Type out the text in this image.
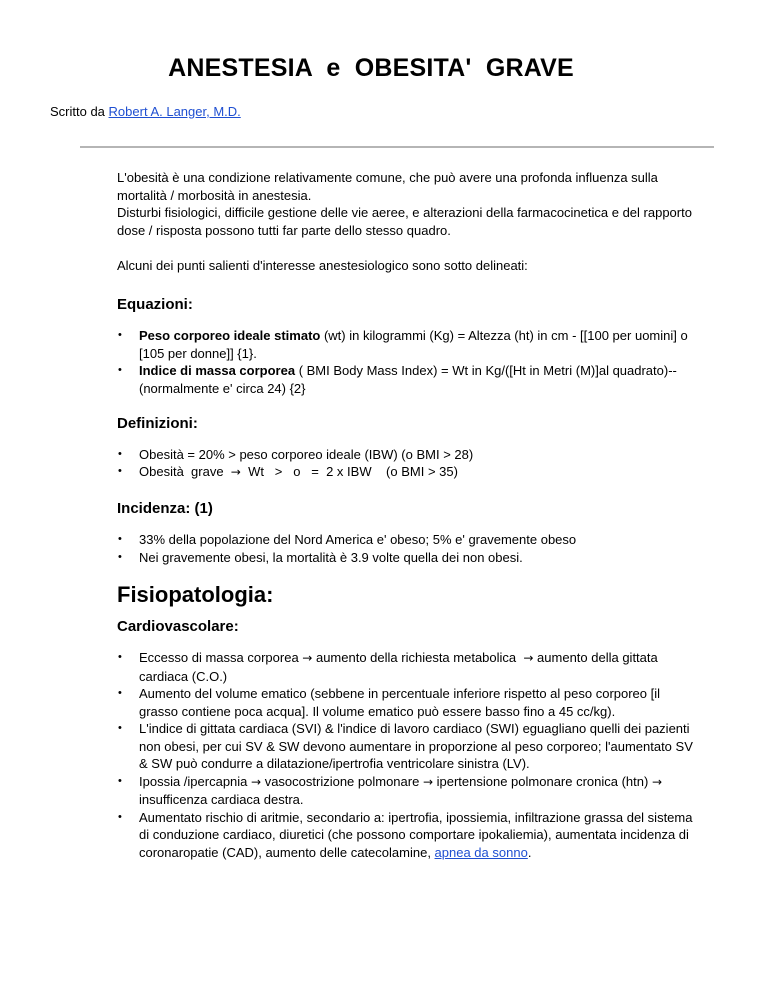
ANESTESIA  e  OBESITA'  GRAVE
Scritto da Robert A. Langer, M.D.

L'obesità è una condizione relativamente comune, che può avere una profonda influenza sulla mortalità / morbosità in anestesia.

Disturbi fisiologici, difficile gestione delle vie aeree, e alterazioni della farmacocinetica e del rapporto dose / risposta possono tutti far parte dello stesso quadro.

Alcuni dei punti salienti d'interesse anestesiologico sono sotto delineati:

Equazioni:
• Peso corporeo ideale stimato (wt) in kilogrammi (Kg) = Altezza (ht) in cm - [[100 per uomini] o [105 per donne]] {1}.
• Indice di massa corporea ( BMI Body Mass Index) = Wt in Kg/([Ht in Metri (M)]al quadrato)--(normalmente e' circa 24) {2}
Definizioni:
• Obesità = 20% > peso corporeo ideale (IBW) (o BMI > 28)
• Obesità  grave  →  Wt   >   o   =  2 x IBW    (o BMI > 35)
Incidenza: (1)
• 33% della popolazione del Nord America e' obeso; 5% e' gravemente obeso
• Nei gravemente obesi, la mortalità è 3.9 volte quella dei non obesi.
Fisiopatologia:
Cardiovascolare:
• Eccesso di massa corporea → aumento della richiesta metabolica  → aumento della gittata cardiaca (C.O.)
• Aumento del volume ematico (sebbene in percentuale inferiore rispetto al peso corporeo [il grasso contiene poca acqua]. Il volume ematico può essere basso fino a 45 cc/kg).
• L'indice di gittata cardiaca (SVI) & l'indice di lavoro cardiaco (SWI) eguagliano quelli dei pazienti non obesi, per cui SV & SW devono aumentare in proporzione al peso corporeo; l'aumentato SV & SW può condurre a dilatazione/ipertrofia ventricolare sinistra (LV).
• Ipossia /ipercapnia → vasocostrizione polmonare → ipertensione polmonare cronica (htn) →  insufficenza cardiaca destra.
• Aumentato rischio di aritmie, secondario a: ipertrofia, ipossiemia, infiltrazione grassa del sistema di conduzione cardiaco, diuretici (che possono comportare ipokaliemia), aumentata incidenza di coronaropatie (CAD), aumento delle catecolamine, apnea da sonno.
